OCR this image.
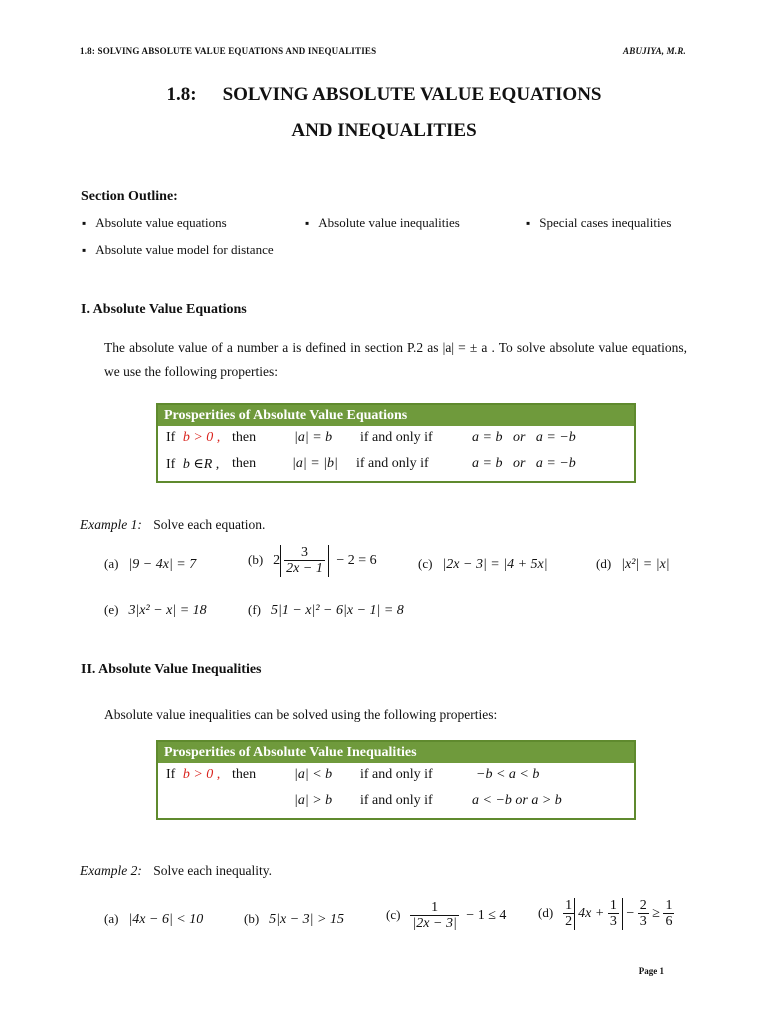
1.8: SOLVING ABSOLUTE VALUE EQUATIONS AND INEQUALITIES	ABUJIYA, M.R.
1.8: SOLVING ABSOLUTE VALUE EQUATIONS
AND INEQUALITIES
Section Outline:
▪ Absolute value equations	▪ Absolute value inequalities	▪ Special cases inequalities
▪ Absolute value model for distance
I. Absolute Value Equations
The absolute value of a number a is defined in section P.2 as |a| = ± a . To solve absolute value equations, we use the following properties:
Prosperities of Absolute Value Equations
If b > 0 , then	|a| = b if and only if	a = b   or   a = −b
If b ∈R , then	|a| = |b| if and only if	a = b   or   a = −b
Example 1: Solve each equation.
(a) |9 − 4x| = 7	(b) $2 \frac{3}{2x - 1} - 2 = 6$	(c) |2x − 3| = |4 + 5x|	(d) |x²| = |x|
(e) 3|x² − x| = 18	(f) 5|1 − x|² − 6|x − 1| = 8
II. Absolute Value Inequalities
Absolute value inequalities can be solved using the following properties:
Prosperities of Absolute Value Inequalities
If b > 0 , then	|a| < b if and only if	−b < a < b
|a| > b if and only if	a < −b or a > b
Example 2: Solve each inequality.
(a) |4x − 6| < 10	(b) 5|x − 3| > 15	$(c) \frac{1}{|2x - 3|} - 1 \le 4$ $(d) \frac{1}{2} 4x + \frac{1}{3} - \frac{2}{3} \ge \frac{1}{6}$
Page 1
